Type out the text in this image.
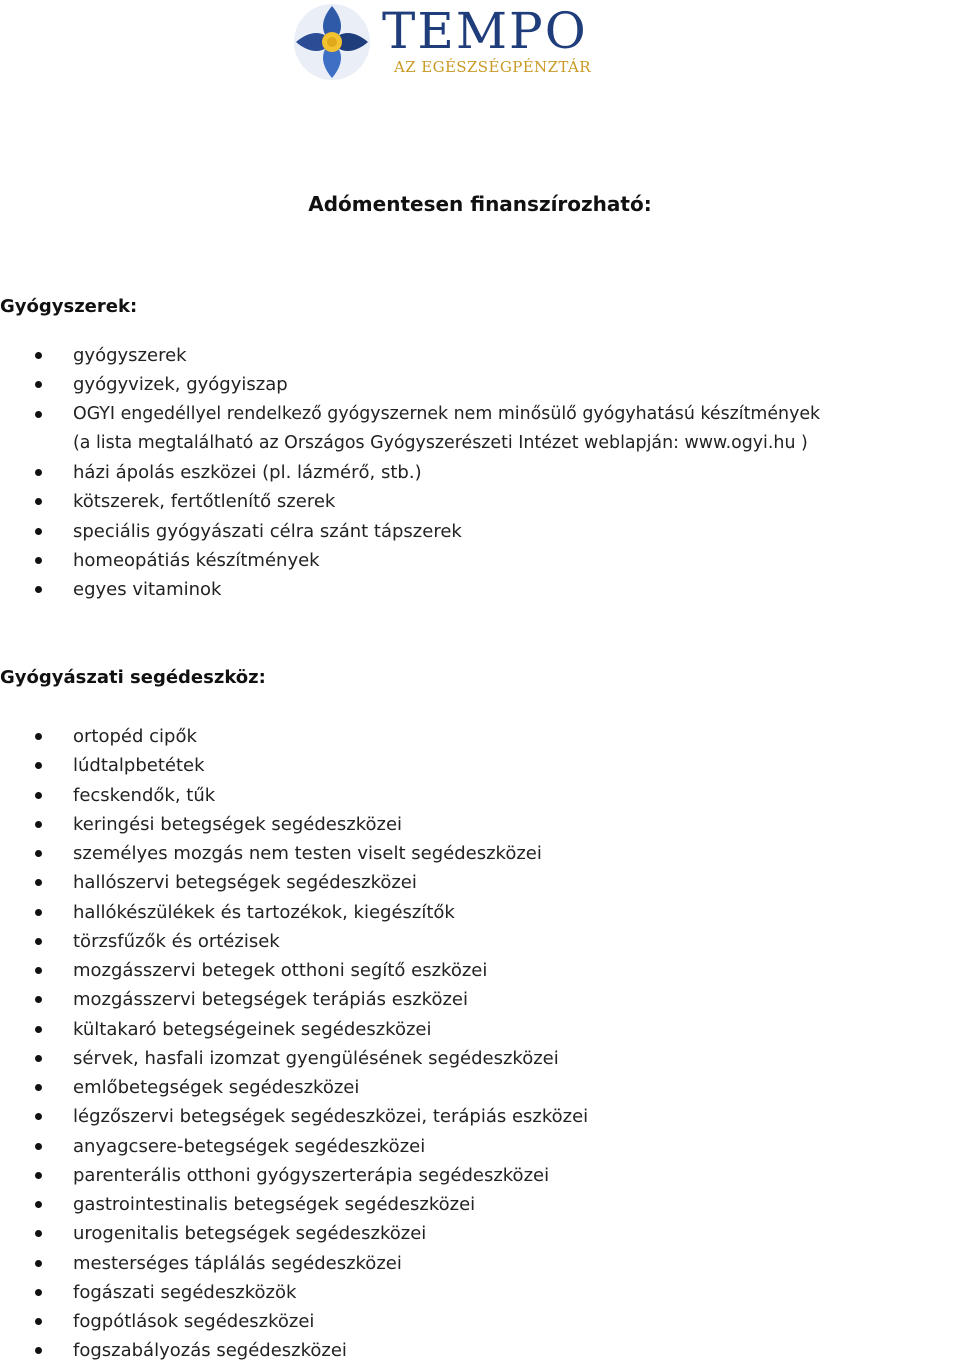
TEMPO
AZ EGÉSZSÉGPÉNZTÁR
Adómentesen finanszírozható:
Gyógyszerek:
gyógyszerek
gyógyvizek, gyógyiszap
OGYI engedéllyel rendelkező gyógyszernek nem minősülő gyógyhatású készítmények
(a lista megtalálható az Országos Gyógyszerészeti Intézet weblapján: www.ogyi.hu )
házi ápolás eszközei (pl. lázmérő, stb.)
kötszerek, fertőtlenítő szerek
speciális gyógyászati célra szánt tápszerek
homeopátiás készítmények
egyes vitaminok
Gyógyászati segédeszköz:
ortopéd cipők
lúdtalpbetétek
fecskendők, tűk
keringési betegségek segédeszközei
személyes mozgás nem testen viselt segédeszközei
hallószervi betegségek segédeszközei
hallókészülékek és tartozékok, kiegészítők
törzsfűzők és ortézisek
mozgásszervi betegek otthoni segítő eszközei
mozgásszervi betegségek terápiás eszközei
kültakaró betegségeinek segédeszközei
sérvek, hasfali izomzat gyengülésének segédeszközei
emlőbetegségek segédeszközei
légzőszervi betegségek segédeszközei, terápiás eszközei
anyagcsere-betegségek segédeszközei
parenterális otthoni gyógyszerterápia segédeszközei
gastrointestinalis betegségek segédeszközei
urogenitalis betegségek segédeszközei
mesterséges táplálás segédeszközei
fogászati segédeszközök
fogpótlások segédeszközei
fogszabályozás segédeszközei
